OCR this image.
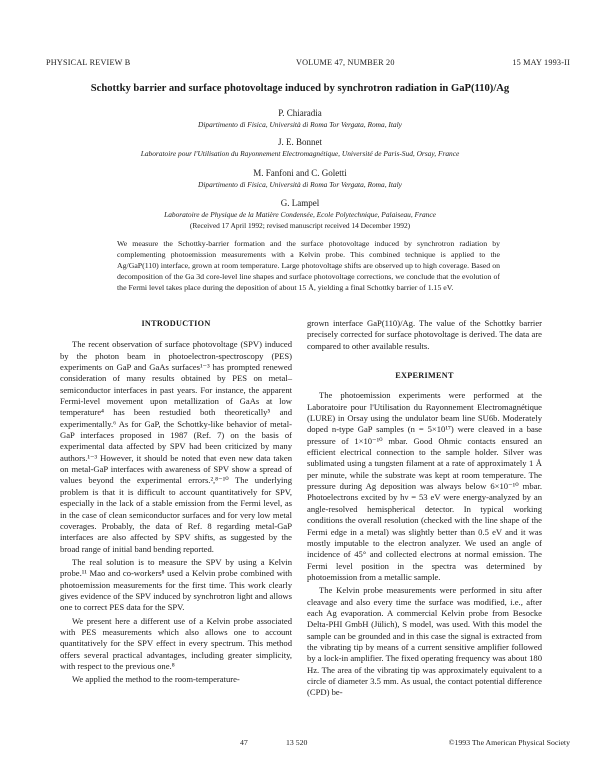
PHYSICAL REVIEW B	VOLUME 47, NUMBER 20	15 MAY 1993-II
Schottky barrier and surface photovoltage induced by synchrotron radiation in GaP(110)/Ag
P. Chiaradia
Dipartimento di Fisica, Università di Roma Tor Vergata, Roma, Italy
J. E. Bonnet
Laboratoire pour l'Utilisation du Rayonnement Electromagnétique, Université de Paris-Sud, Orsay, France
M. Fanfoni and C. Goletti
Dipartimento di Fisica, Università di Roma Tor Vergata, Roma, Italy
G. Lampel
Laboratoire de Physique de la Matière Condensée, Ecole Polytechnique, Palaiseau, France
(Received 17 April 1992; revised manuscript received 14 December 1992)
We measure the Schottky-barrier formation and the surface photovoltage induced by synchrotron radiation by complementing photoemission measurements with a Kelvin probe. This combined technique is applied to the Ag/GaP(110) interface, grown at room temperature. Large photovoltage shifts are observed up to high coverage. Based on decomposition of the Ga 3d core-level line shapes and surface photovoltage corrections, we conclude that the evolution of the Fermi level takes place during the deposition of about 15 Å, yielding a final Schottky barrier of 1.15 eV.
INTRODUCTION

The recent observation of surface photovoltage (SPV) induced by the photon beam in photoelectron-spectroscopy (PES) experiments on GaP and GaAs surfaces¹⁻³ has prompted renewed consideration of many results obtained by PES on metal–semiconductor interfaces in past years. For instance, the apparent Fermi-level movement upon metallization of GaAs at low temperature⁴ has been restudied both theoretically⁵ and experimentally.⁶ As for GaP, the Schottky-like behavior of metal-GaP interfaces proposed in 1987 (Ref. 7) on the basis of experimental data affected by SPV had been criticized by many authors.¹⁻³ However, it should be noted that even new data taken on metal-GaP interfaces with awareness of SPV show a spread of values beyond the experimental errors.²,⁸⁻¹⁰ The underlying problem is that it is difficult to account quantitatively for SPV, especially in the lack of a stable emission from the Fermi level, as in the case of clean semiconductor surfaces and for very low metal coverages. Probably, the data of Ref. 8 regarding metal-GaP interfaces are also affected by SPV shifts, as suggested by the broad range of initial band bending reported.

The real solution is to measure the SPV by using a Kelvin probe.¹¹ Mao and co-workers⁸ used a Kelvin probe combined with photoemission measurements for the first time. This work clearly gives evidence of the SPV induced by synchrotron light and allows one to correct PES data for the SPV.

We present here a different use of a Kelvin probe associated with PES measurements which also allows one to account quantitatively for the SPV effect in every spectrum. This method offers several practical advantages, including greater simplicity, with respect to the previous one.⁸

We applied the method to the room-temperature-

grown interface GaP(110)/Ag. The value of the Schottky barrier precisely corrected for surface photovoltage is derived. The data are compared to other available results.

EXPERIMENT

The photoemission experiments were performed at the Laboratoire pour l'Utilisation du Rayonnement Electromagnétique (LURE) in Orsay using the undulator beam line SU6b. Moderately doped n-type GaP samples (n = 5×10¹⁷) were cleaved in a base pressure of 1×10⁻¹⁰ mbar. Good Ohmic contacts ensured an efficient electrical connection to the sample holder. Silver was sublimated using a tungsten filament at a rate of approximately 1 Å per minute, while the substrate was kept at room temperature. The pressure during Ag deposition was always below 6×10⁻¹⁰ mbar. Photoelectrons excited by hν = 53 eV were energy-analyzed by an angle-resolved hemispherical detector. In typical working conditions the overall resolution (checked with the line shape of the Fermi edge in a metal) was slightly better than 0.5 eV and it was mostly imputable to the electron analyzer. We used an angle of incidence of 45° and collected electrons at normal emission. The Fermi level position in the spectra was determined by photoemission from a metallic sample.

The Kelvin probe measurements were performed in situ after cleavage and also every time the surface was modified, i.e., after each Ag evaporation. A commercial Kelvin probe from Besocke Delta-PHI GmbH (Jülich), S model, was used. With this model the sample can be grounded and in this case the signal is extracted from the vibrating tip by means of a current sensitive amplifier followed by a lock-in amplifier. The fixed operating frequency was about 180 Hz. The area of the vibrating tip was approximately equivalent to a circle of diameter 3.5 mm. As usual, the contact potential difference (CPD) be-

47	13 520	©1993 The American Physical Society
